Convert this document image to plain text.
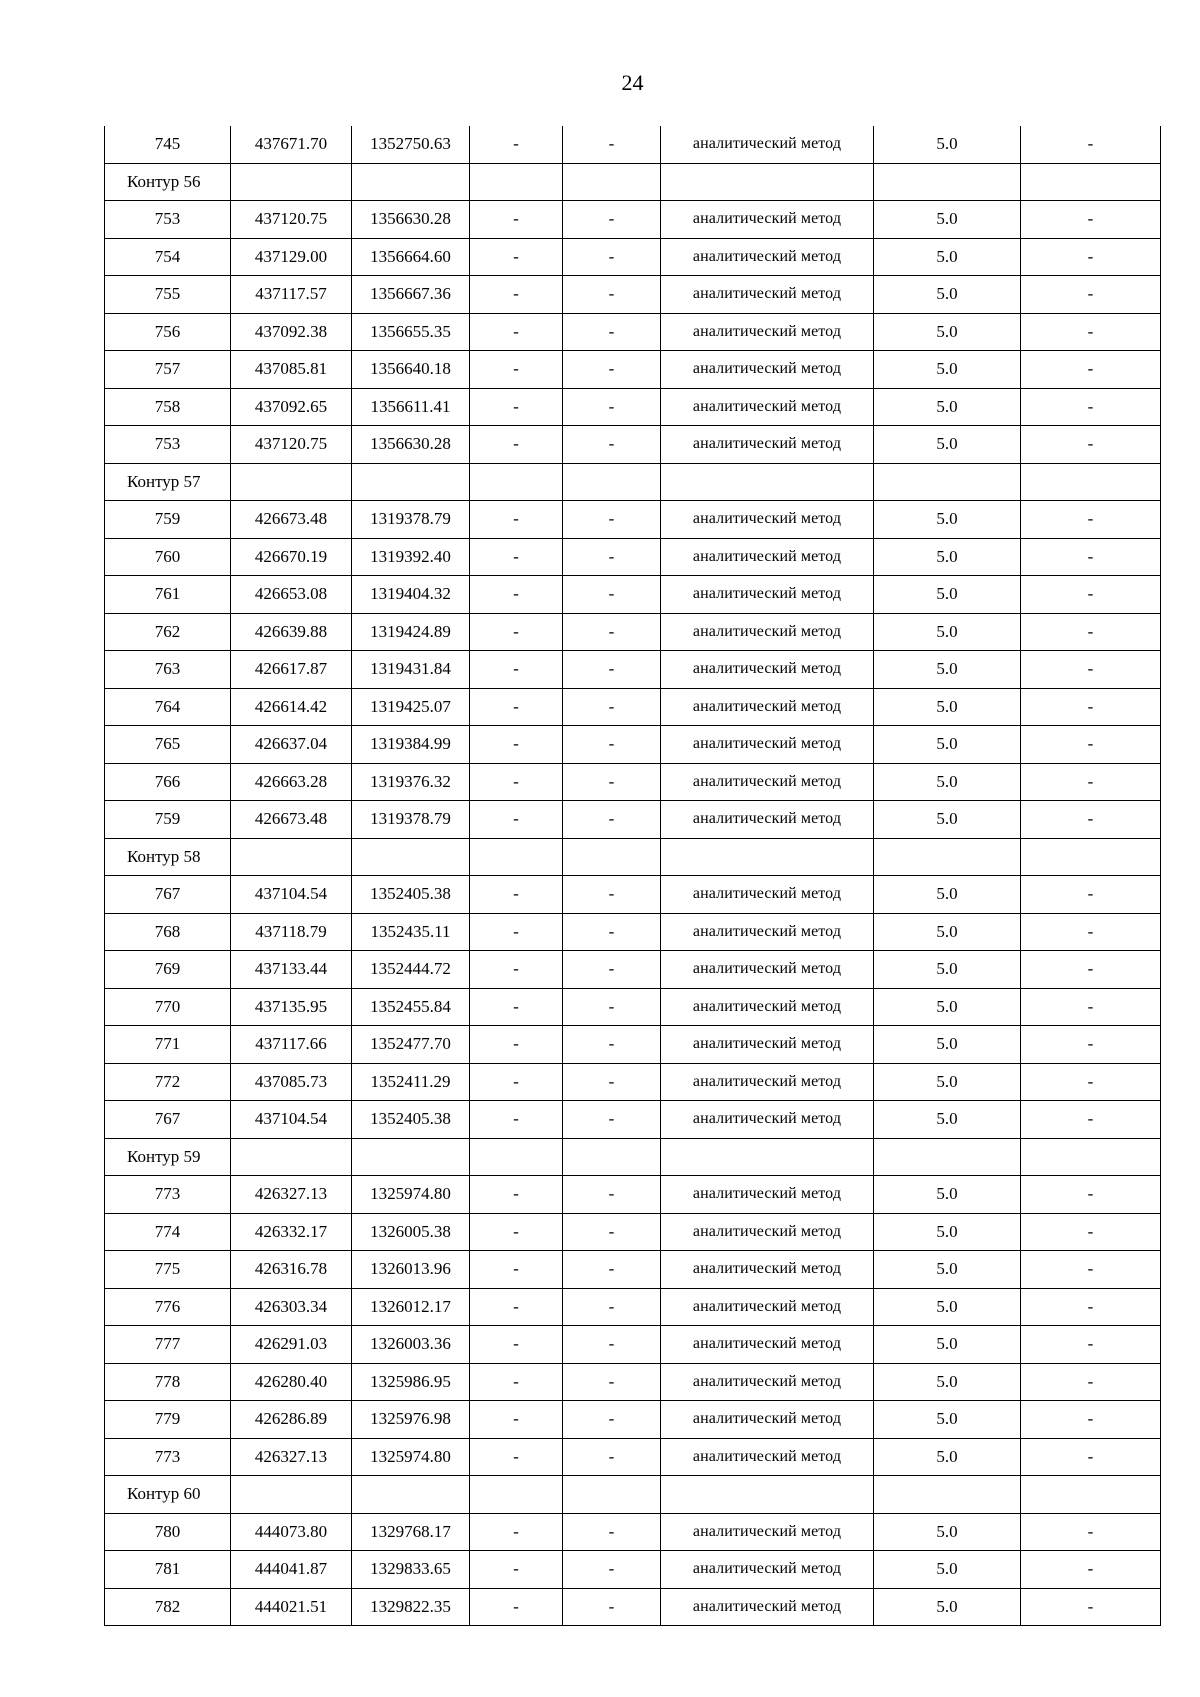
24
745	437671.70	1352750.63	-	-	аналитический метод	5.0	-
Контур 56							
753	437120.75	1356630.28	-	-	аналитический метод	5.0	-
754	437129.00	1356664.60	-	-	аналитический метод	5.0	-
755	437117.57	1356667.36	-	-	аналитический метод	5.0	-
756	437092.38	1356655.35	-	-	аналитический метод	5.0	-
757	437085.81	1356640.18	-	-	аналитический метод	5.0	-
758	437092.65	1356611.41	-	-	аналитический метод	5.0	-
753	437120.75	1356630.28	-	-	аналитический метод	5.0	-
Контур 57							
759	426673.48	1319378.79	-	-	аналитический метод	5.0	-
760	426670.19	1319392.40	-	-	аналитический метод	5.0	-
761	426653.08	1319404.32	-	-	аналитический метод	5.0	-
762	426639.88	1319424.89	-	-	аналитический метод	5.0	-
763	426617.87	1319431.84	-	-	аналитический метод	5.0	-
764	426614.42	1319425.07	-	-	аналитический метод	5.0	-
765	426637.04	1319384.99	-	-	аналитический метод	5.0	-
766	426663.28	1319376.32	-	-	аналитический метод	5.0	-
759	426673.48	1319378.79	-	-	аналитический метод	5.0	-
Контур 58							
767	437104.54	1352405.38	-	-	аналитический метод	5.0	-
768	437118.79	1352435.11	-	-	аналитический метод	5.0	-
769	437133.44	1352444.72	-	-	аналитический метод	5.0	-
770	437135.95	1352455.84	-	-	аналитический метод	5.0	-
771	437117.66	1352477.70	-	-	аналитический метод	5.0	-
772	437085.73	1352411.29	-	-	аналитический метод	5.0	-
767	437104.54	1352405.38	-	-	аналитический метод	5.0	-
Контур 59							
773	426327.13	1325974.80	-	-	аналитический метод	5.0	-
774	426332.17	1326005.38	-	-	аналитический метод	5.0	-
775	426316.78	1326013.96	-	-	аналитический метод	5.0	-
776	426303.34	1326012.17	-	-	аналитический метод	5.0	-
777	426291.03	1326003.36	-	-	аналитический метод	5.0	-
778	426280.40	1325986.95	-	-	аналитический метод	5.0	-
779	426286.89	1325976.98	-	-	аналитический метод	5.0	-
773	426327.13	1325974.80	-	-	аналитический метод	5.0	-
Контур 60							
780	444073.80	1329768.17	-	-	аналитический метод	5.0	-
781	444041.87	1329833.65	-	-	аналитический метод	5.0	-
782	444021.51	1329822.35	-	-	аналитический метод	5.0	-
